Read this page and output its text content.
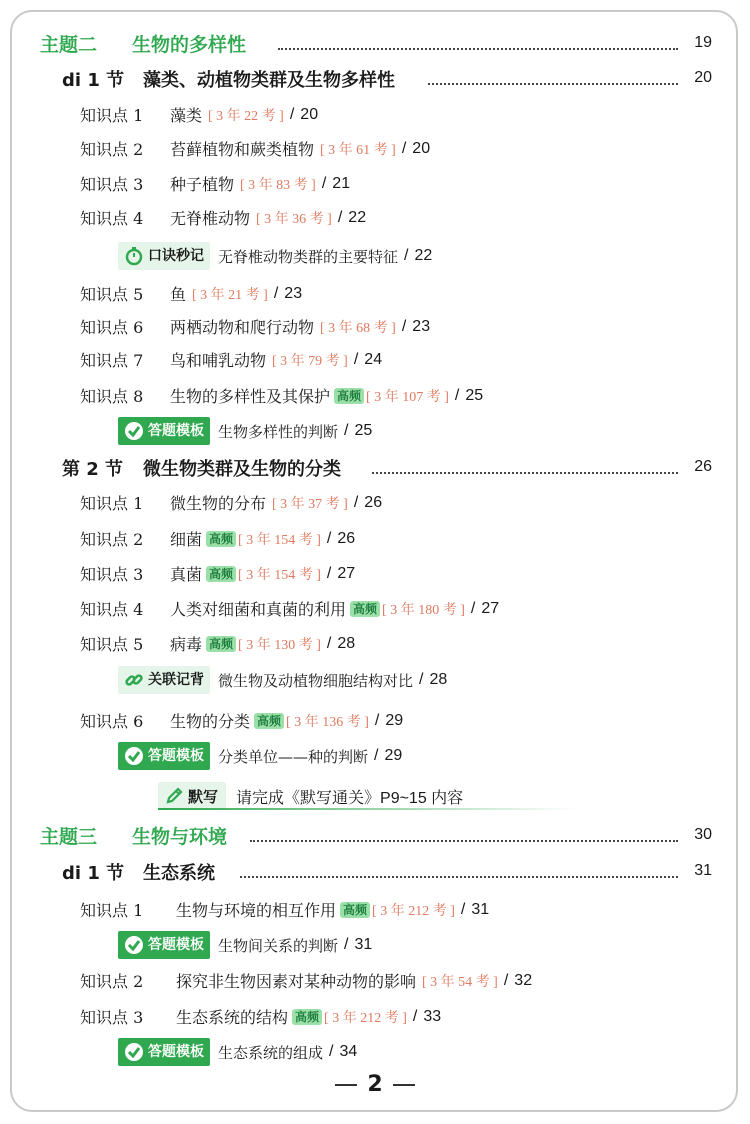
主题二 生物的多样性	19
di 1 节 藻类、动植物类群及生物多样性	20
知识点 1 藻类 [ 3 年 22 考 ] / 20
知识点 2 苔藓植物和蕨类植物 [ 3 年 61 考 ] / 20
知识点 3 种子植物 [ 3 年 83 考 ] / 21
知识点 4 无脊椎动物 [ 3 年 36 考 ] / 22
口诀秒记 无脊椎动物类群的主要特征 / 22
知识点 5 鱼 [ 3 年 21 考 ] / 23
知识点 6 两栖动物和爬行动物 [ 3 年 68 考 ] / 23
知识点 7 鸟和哺乳动物 [ 3 年 79 考 ] / 24
知识点 8 生物的多样性及其保护 高频 [ 3 年 107 考 ] / 25
答题模板 生物多样性的判断 / 25
第 2 节 微生物类群及生物的分类	26
知识点 1 微生物的分布 [ 3 年 37 考 ] / 26
知识点 2 细菌 高频 [ 3 年 154 考 ] / 26
知识点 3 真菌 高频 [ 3 年 154 考 ] / 27
知识点 4 人类对细菌和真菌的利用 高频 [ 3 年 180 考 ] / 27
知识点 5 病毒 高频 [ 3 年 130 考 ] / 28
关联记背 微生物及动植物细胞结构对比 / 28
知识点 6 生物的分类 高频 [ 3 年 136 考 ] / 29
答题模板 分类单位——种的判断 / 29
默写 请完成《默写通关》P9~15 内容
主题三 生物与环境	30
di 1 节 生态系统	31
知识点 1 生物与环境的相互作用 高频 [ 3 年 212 考 ] / 31
答题模板 生物间关系的判断 / 31
知识点 2 探究非生物因素对某种动物的影响 [ 3 年 54 考 ] / 32
知识点 3 生态系统的结构 高频 [ 3 年 212 考 ] / 33
答题模板 生态系统的组成 / 34
2
